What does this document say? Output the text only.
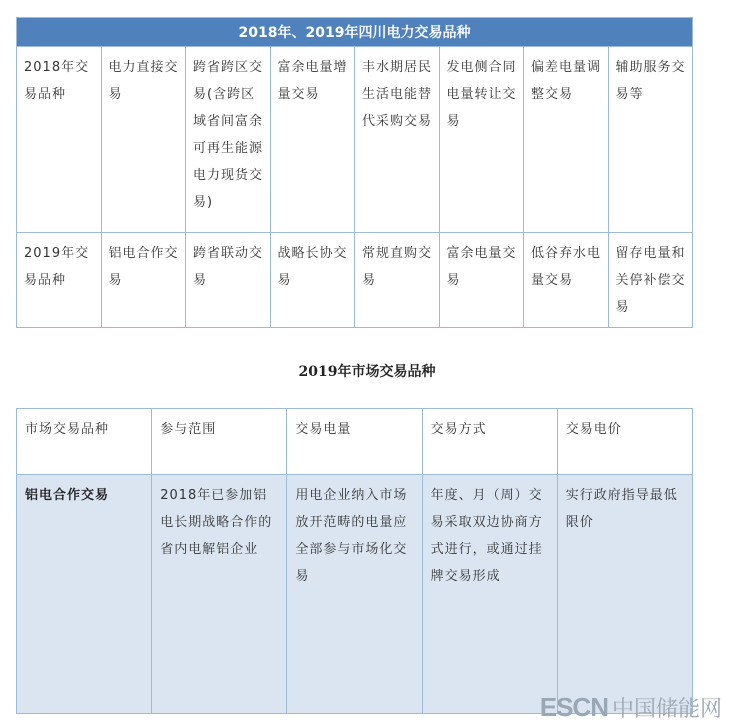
2018年、2019年四川电力交易品种							
2018年交易品种	电力直接交易	跨省跨区交易(含跨区域省间富余可再生能源电力现货交易)	富余电量增量交易	丰水期居民生活电能替代采购交易	发电侧合同电量转让交易	偏差电量调整交易	辅助服务交易等
2019年交易品种	铝电合作交易	跨省联动交易	战略长协交易	常规直购交易	富余电量交易	低谷弃水电量交易	留存电量和关停补偿交易
2019年市场交易品种
市场交易品种	参与范围	交易电量	交易方式	交易电价
铝电合作交易	2018年已参加铝电长期战略合作的省内电解铝企业	用电企业纳入市场放开范畴的电量应全部参与市场化交易	年度、月（周）交易采取双边协商方式进行，或通过挂牌交易形成	实行政府指导最低限价
ESCN 中国储能网
